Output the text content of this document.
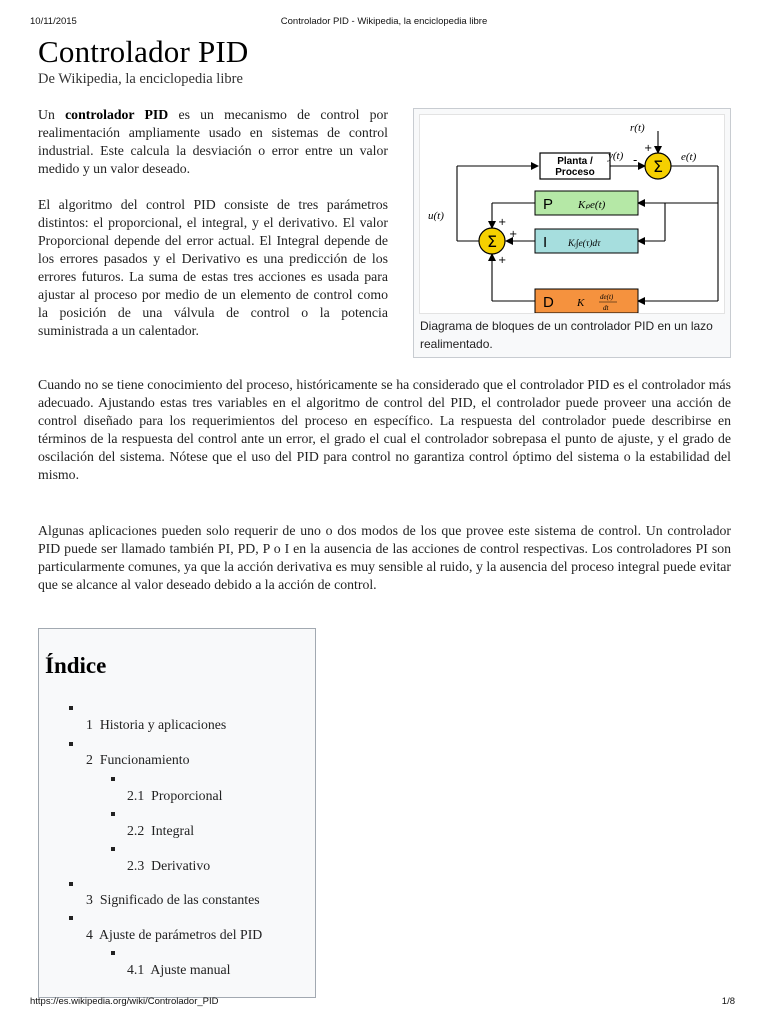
10/11/2015	Controlador PID - Wikipedia, la enciclopedia libre
Controlador PID

De Wikipedia, la enciclopedia libre

Un controlador PID es un mecanismo de control por realimentación ampliamente usado en sistemas de control industrial. Este calcula la desviación o error entre un valor medido y un valor deseado.

El algoritmo del control PID consiste de tres parámetros distintos: el proporcional, el integral, y el derivativo. El valor Proporcional depende del error actual. El Integral depende de los errores pasados y el Derivativo es una predicción de los errores futuros. La suma de estas tres acciones es usada para ajustar al proceso por medio de un elemento de control como la posición de una válvula de control o la potencia suministrada a un calentador.

Planta /
Proceso	Σ
Σ
P Kₚe(t)
I Kᵢ∫e(τ)dτ
D K de(t)
dt
r(t)
y(t)	e(t)
u(t)
+
-
+
+
+
Diagrama de bloques de un controlador PID en un lazo realimentado.

Cuando no se tiene conocimiento del proceso, históricamente se ha considerado que el controlador PID es el controlador más adecuado. Ajustando estas tres variables en el algoritmo de control del PID, el controlador puede proveer una acción de control diseñado para los requerimientos del proceso en específico. La respuesta del controlador puede describirse en términos de la respuesta del control ante un error, el grado el cual el controlador sobrepasa el punto de ajuste, y el grado de oscilación del sistema. Nótese que el uso del PID para control no garantiza control óptimo del sistema o la estabilidad del mismo.

Algunas aplicaciones pueden solo requerir de uno o dos modos de los que provee este sistema de control. Un controlador PID puede ser llamado también PI, PD, P o I en la ausencia de las acciones de control respectivas. Los controladores PI son particularmente comunes, ya que la acción derivativa es muy sensible al ruido, y la ausencia del proceso integral puede evitar que se alcance al valor deseado debido a la acción de control.

Índice
1 Historia y aplicaciones
2 Funcionamiento
2.1 Proporcional
2.2 Integral
2.3 Derivativo
3 Significado de las constantes
4 Ajuste de parámetros del PID
4.1 Ajuste manual
https://es.wikipedia.org/wiki/Controlador_PID	1/8
